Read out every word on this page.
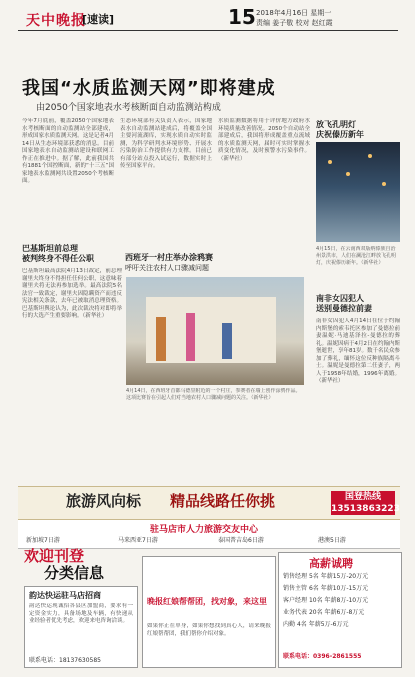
天中晚报
[速读]	15 2018年4月16日 星期一
责编 姜子敬 校对 赵红霞
我国“水质监测天网”即将建成
由2050个国家地表水考核断面自动监测站构成
今年7月底前，覆盖2050个国家地表水考核断面的自动监测站全部建成，形成国家水质监测天网。这是记者4月14日从生态环境部获悉的消息。目前国家地表水自动监测站建设和联网工作正在推进中。据了解，此前我国共有1881个国控断面，新的“十三五”国家地表水监测网共设置2050个考核断面。
生态环境部有关负责人表示，国家地表水自动监测站建成后，将覆盖全国主要河流湖库，实现水质自动实时监测，为科学研判水环境形势、开展水污染防治工作提供有力支撑。目前已有部分站点投入试运行，数据实时上传至国家平台。
水质监测数据将用于评价地方政府水环境质量改善情况。2050个自动站全部建成后，我国将形成覆盖重点流域的水质监测天网，届时可实时掌握水质变化情况，及时预警水污染事件。（新华社）
巴基斯坦前总理
被判终身不得任公职
巴基斯坦最高法院4月13日裁定，前总理谢里夫终身不得担任任何公职，这意味着谢里夫将无法再参加选举。最高法院5名法官一致裁定，谢里夫因隐瞒资产而违反宪法相关条款，去年已被取消总理资格。巴基斯坦舆论认为，此次裁决将对即将举行的大选产生重要影响。（新华社）
西班牙一村庄举办涂鸦赛
呼吁关注农村人口骤减问题
4月14日，在西班牙首都马德里附近的一个村庄，参赛者在墙上创作涂鸦作品。这项比赛旨在引起人们对当地农村人口骤减问题的关注。（新华社）
放飞孔明灯
庆祝傣历新年
4月15日，在云南西双版纳傣族自治州景洪市，人们在澜沧江畔放飞孔明灯，庆祝傣历新年。（新华社）
南非女囚犯人
送别曼德拉前妻
南非女囚犯人4月14日在位于约翰内斯堡的索韦托区参加了曼德拉前妻温妮·马迪基泽拉-曼德拉的葬礼。温妮因病于4月2日在约翰内斯堡逝世，享年81岁。数千名民众参加了葬礼，缅怀这位反种族隔离斗士。温妮是曼德拉第二任妻子，两人于1958年结婚，1996年离婚。（新华社）
旅游风向标 精品线路任你挑	国登热线
13513863223
驻马店市人力旅游交友中心
新加坡7日游	马来西亚7日游	泰国普吉岛6日游	港澳5日游
欢迎刊登
分类信息
韵达快运驻马店招商
韵达快运现诚招各县区加盟商，要求有一定资金实力，具备场地及车辆，有快递从业经验者优先考虑，欢迎来电咨询洽谈。
联系电话：18137630585
晚报红娘帮帮团，找对象，来这里
如果你正在单身，如果你想找到真心人，请来晚报红娘帮帮团，我们帮你介绍对象。
高薪诚聘
销售经理 5名 年薪15万-20万元
销售主管 6名 年薪10万-15万元
客户经理 10名 年薪8万-10万元
业务代表 20名 年薪6万-8万元
内勤 4名 年薪5万-6万元
联系电话：0396-2861555
